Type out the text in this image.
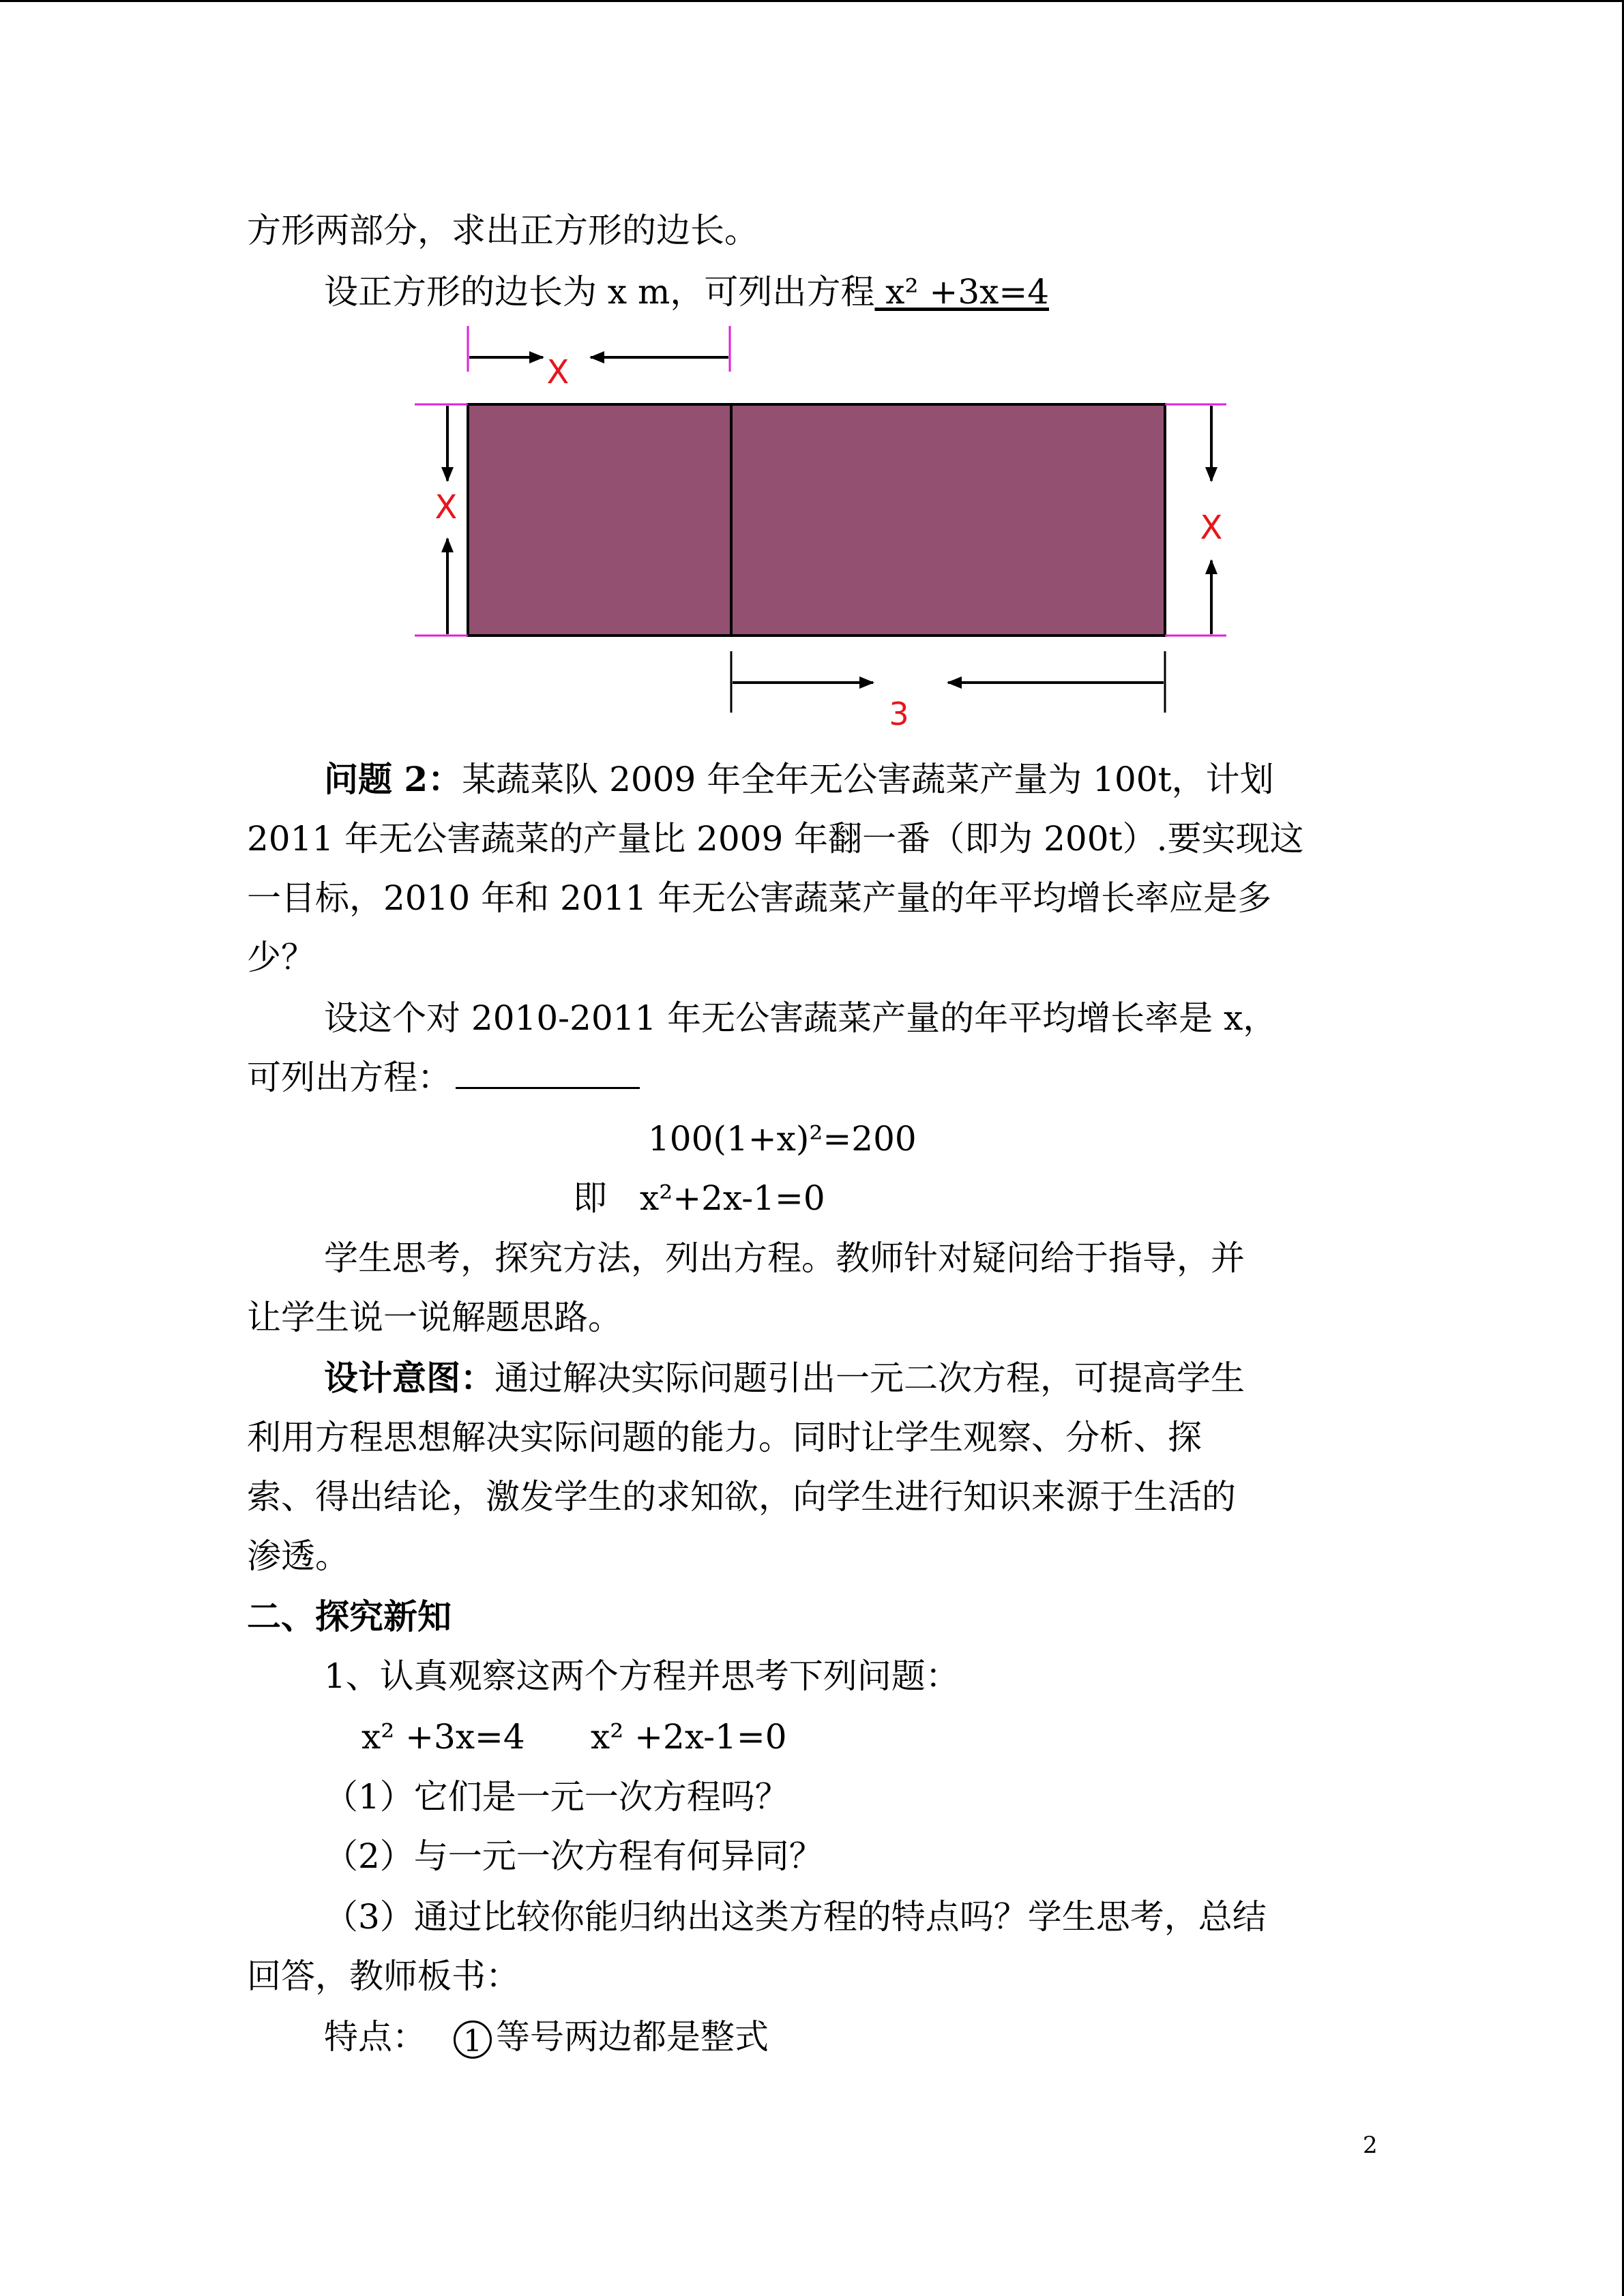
方形两部分，求出正方形的边长。
设正方形的边长为 x m，可列出方程 x² +3x=4
X
X
X
3
问题 2：某蔬菜队 2009 年全年无公害蔬菜产量为 100t，计划
2011 年无公害蔬菜的产量比 2009 年翻一番（即为 200t）.要实现这
一目标，2010 年和 2011 年无公害蔬菜产量的年平均增长率应是多
少？
设这个对 2010-2011 年无公害蔬菜产量的年平均增长率是 x，
可列出方程：
100(1+x)²=200
即 x²+2x-1=0
学生思考，探究方法，列出方程。教师针对疑问给于指导，并
让学生说一说解题思路。
设计意图：通过解决实际问题引出一元二次方程，可提高学生
利用方程思想解决实际问题的能力。同时让学生观察、分析、探
索、得出结论，激发学生的求知欲，向学生进行知识来源于生活的
渗透。
二、探究新知
1、认真观察这两个方程并思考下列问题：
x² +3x=4 x² +2x-1=0
（1）它们是一元一次方程吗？
（2）与一元一次方程有何异同？
（3）通过比较你能归纳出这类方程的特点吗？学生思考，总结
回答，教师板书：
特点： 1 等号两边都是整式
2
